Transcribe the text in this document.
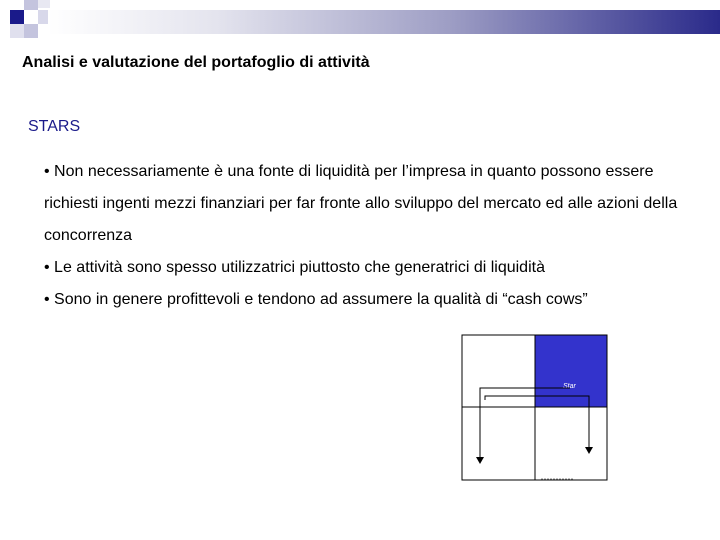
Analisi e valutazione del portafoglio di attività
STARS
• Non necessariamente è una fonte di liquidità per l’impresa in quanto possono essere richiesti ingenti mezzi finanziari per far fronte allo sviluppo del mercato ed alle azioni della concorrenza
• Le attività sono spesso utilizzatrici piuttosto che generatrici di liquidità
• Sono in genere profittevoli e tendono ad assumere la qualità di “cash cows”
Star
